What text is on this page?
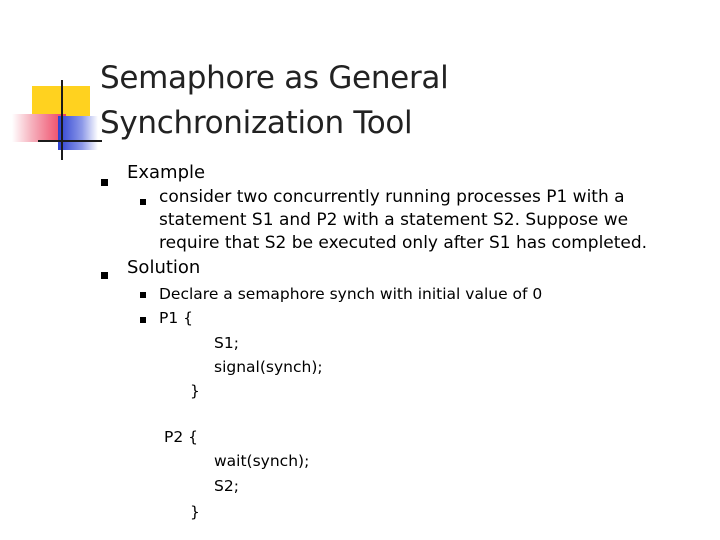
Semaphore as General
Synchronization Tool
Example
consider two concurrently running processes P1 with a
statement S1 and P2 with a statement S2. Suppose we
require that S2 be executed only after S1 has completed.
Solution
Declare a semaphore synch with initial value of 0
P1 {
S1;
signal(synch);
}
P2 {
wait(synch);
S2;
}
